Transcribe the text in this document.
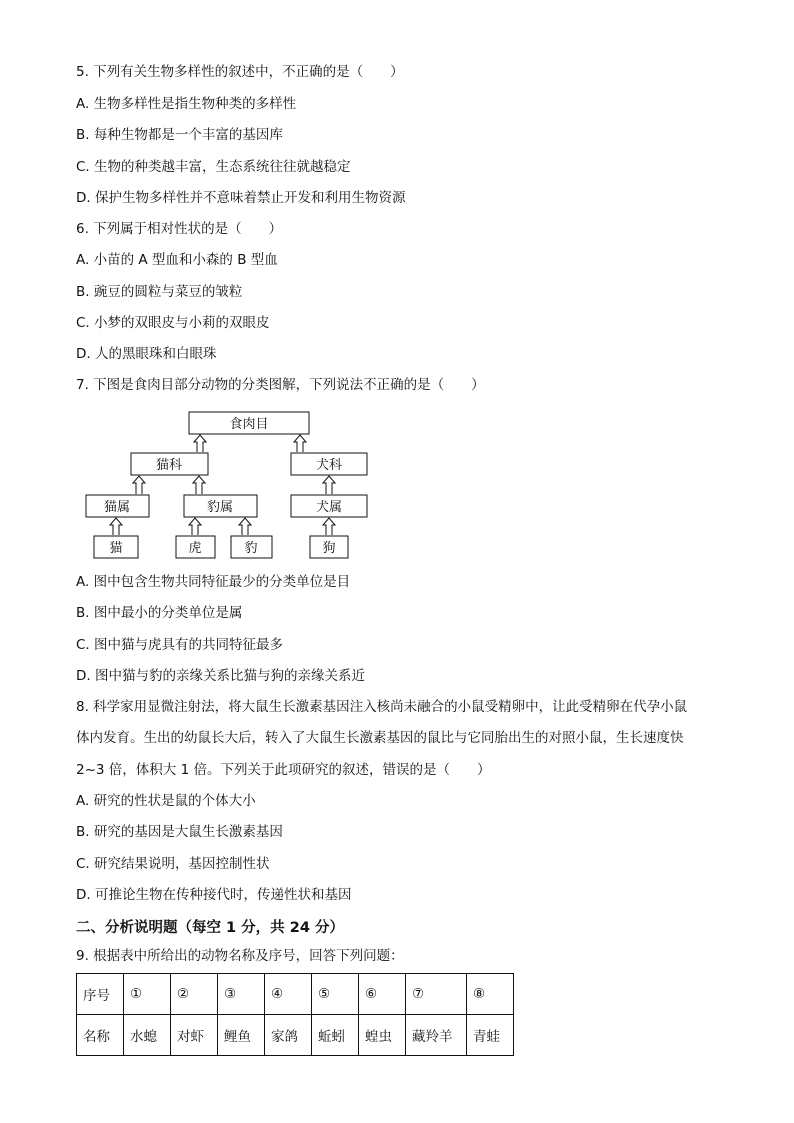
5. 下列有关生物多样性的叙述中，不正确的是（　　）
A. 生物多样性是指生物种类的多样性
B. 每种生物都是一个丰富的基因库
C. 生物的种类越丰富，生态系统往往就越稳定
D. 保护生物多样性并不意味着禁止开发和利用生物资源
6. 下列属于相对性状的是（　　）
A. 小苗的 A 型血和小森的 B 型血
B. 豌豆的圆粒与菜豆的皱粒
C. 小梦的双眼皮与小莉的双眼皮
D. 人的黑眼珠和白眼珠
7. 下图是食肉目部分动物的分类图解，下列说法不正确的是（　　）
食肉目
猫科	犬科
猫属	豹属	犬属
猫	虎	豹	狗
A. 图中包含生物共同特征最少的分类单位是目
B. 图中最小的分类单位是属
C. 图中猫与虎具有的共同特征最多
D. 图中猫与豹的亲缘关系比猫与狗的亲缘关系近
8. 科学家用显微注射法，将大鼠生长激素基因注入核尚未融合的小鼠受精卵中，让此受精卵在代孕小鼠
体内发育。生出的幼鼠长大后，转入了大鼠生长激素基因的鼠比与它同胎出生的对照小鼠，生长速度快
2~3 倍，体积大 1 倍。下列关于此项研究的叙述，错误的是（　　）
A. 研究的性状是鼠的个体大小
B. 研究的基因是大鼠生长激素基因
C. 研究结果说明，基因控制性状
D. 可推论生物在传种接代时，传递性状和基因
二、分析说明题（每空 1 分，共 24 分）
9. 根据表中所给出的动物名称及序号，回答下列问题：
序号	①	②	③	④	⑤	⑥	⑦	⑧
名称	水螅	对虾	鲤鱼	家鸽	蚯蚓	蝗虫	藏羚羊	青蛙
